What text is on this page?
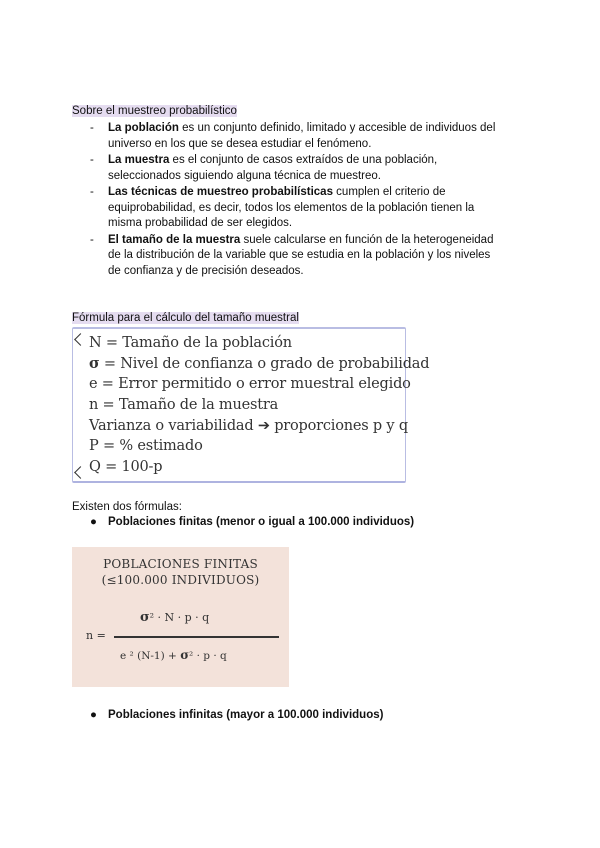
Sobre el muestreo probabilístico
- La población es un conjunto definido, limitado y accesible de individuos del
universo en los que se desea estudiar el fenómeno.
- La muestra es el conjunto de casos extraídos de una población,
seleccionados siguiendo alguna técnica de muestreo.
- Las técnicas de muestreo probabilísticas cumplen el criterio de
equiprobabilidad, es decir, todos los elementos de la población tienen la
misma probabilidad de ser elegidos.
- El tamaño de la muestra suele calcularse en función de la heterogeneidad
de la distribución de la variable que se estudia en la población y los niveles
de confianza y de precisión deseados.
Fórmula para el cálculo del tamaño muestral
N = Tamaño de la población
σ = Nivel de confianza o grado de probabilidad
e = Error permitido o error muestral elegido
n = Tamaño de la muestra
Varianza o variabilidad ➔ proporciones p y q
P = % estimado
Q = 100-p
Existen dos fórmulas:
● Poblaciones finitas (menor o igual a 100.000 individuos)
POBLACIONES FINITAS
(≤100.000 INDIVIDUOS)
σ² · N · p · q
n =
e ² (N-1) + σ² · p · q
● Poblaciones infinitas (mayor a 100.000 individuos)
